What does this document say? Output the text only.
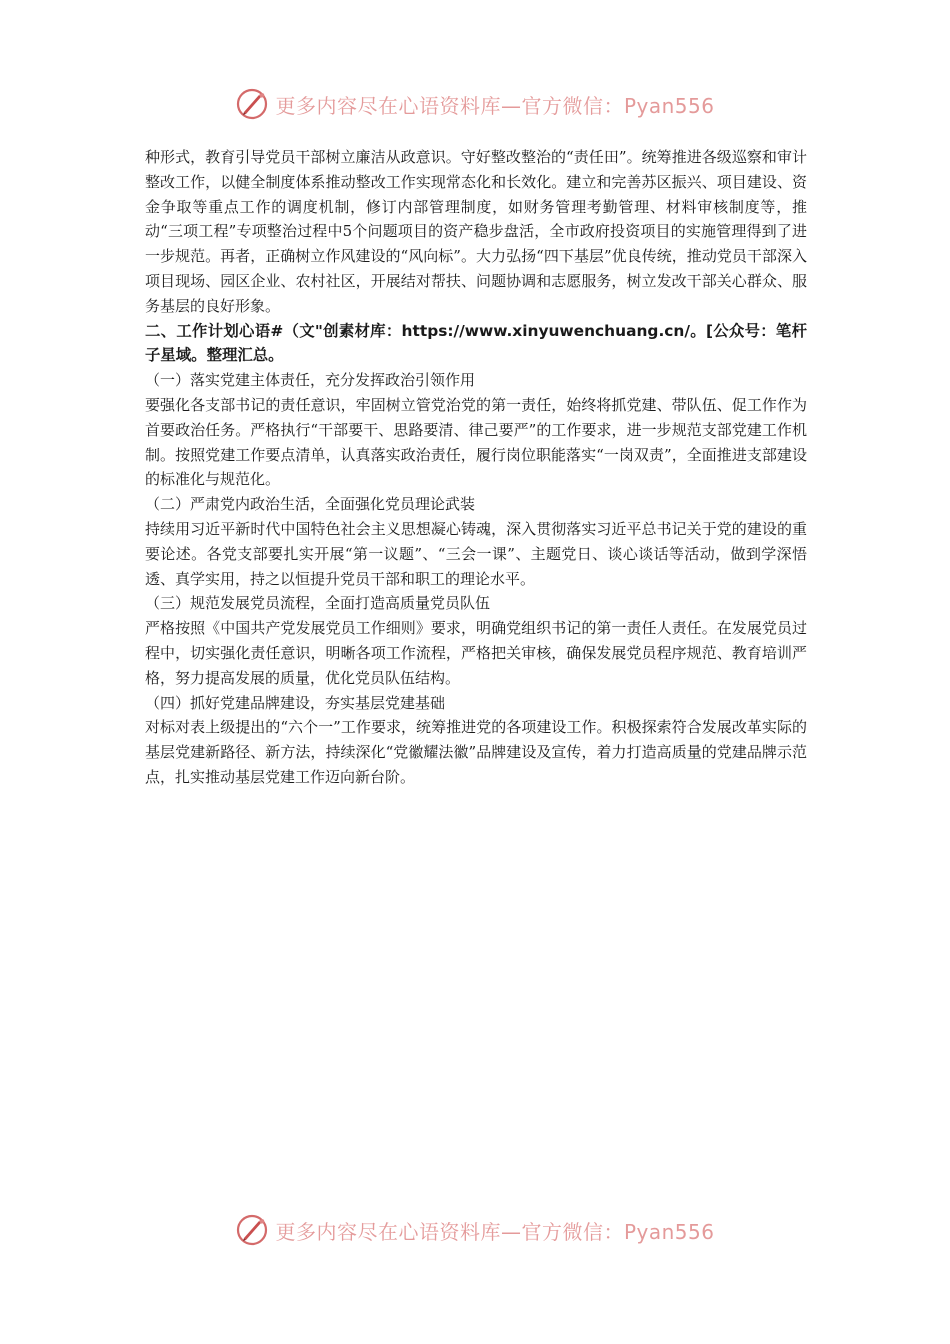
更多内容尽在心语资料库—官方微信：Pyan556

种形式，教育引导党员干部树立廉洁从政意识。守好整改整治的“责任田”。统筹推进各级巡察和审计整改工作，以健全制度体系推动整改工作实现常态化和长效化。建立和完善苏区振兴、项目建设、资金争取等重点工作的调度机制，修订内部管理制度，如财务管理考勤管理、材料审核制度等，推动“三项工程”专项整治过程中5个问题项目的资产稳步盘活，全市政府投资项目的实施管理得到了进一步规范。再者，正确树立作风建设的“风向标”。大力弘扬“四下基层”优良传统，推动党员干部深入项目现场、园区企业、农村社区，开展结对帮扶、问题协调和志愿服务，树立发改干部关心群众、服务基层的良好形象。

二、工作计划心语#（文"创素材库：https://www.xinyuwenchuang.cn/。[公众号：笔杆子星域。整理汇总。

（一）落实党建主体责任，充分发挥政治引领作用

要强化各支部书记的责任意识，牢固树立管党治党的第一责任，始终将抓党建、带队伍、促工作作为首要政治任务。严格执行“干部要干、思路要清、律己要严”的工作要求，进一步规范支部党建工作机制。按照党建工作要点清单，认真落实政治责任，履行岗位职能落实“一岗双责”，全面推进支部建设的标准化与规范化。

（二）严肃党内政治生活，全面强化党员理论武装

持续用习近平新时代中国特色社会主义思想凝心铸魂，深入贯彻落实习近平总书记关于党的建设的重要论述。各党支部要扎实开展“第一议题”、“三会一课”、主题党日、谈心谈话等活动，做到学深悟透、真学实用，持之以恒提升党员干部和职工的理论水平。

（三）规范发展党员流程，全面打造高质量党员队伍

严格按照《中国共产党发展党员工作细则》要求，明确党组织书记的第一责任人责任。在发展党员过程中，切实强化责任意识，明晰各项工作流程，严格把关审核，确保发展党员程序规范、教育培训严格，努力提高发展的质量，优化党员队伍结构。

（四）抓好党建品牌建设，夯实基层党建基础

对标对表上级提出的“六个一”工作要求，统筹推进党的各项建设工作。积极探索符合发展改革实际的基层党建新路径、新方法，持续深化“党徽耀法徽”品牌建设及宣传，着力打造高质量的党建品牌示范点，扎实推动基层党建工作迈向新台阶。

更多内容尽在心语资料库—官方微信：Pyan556
